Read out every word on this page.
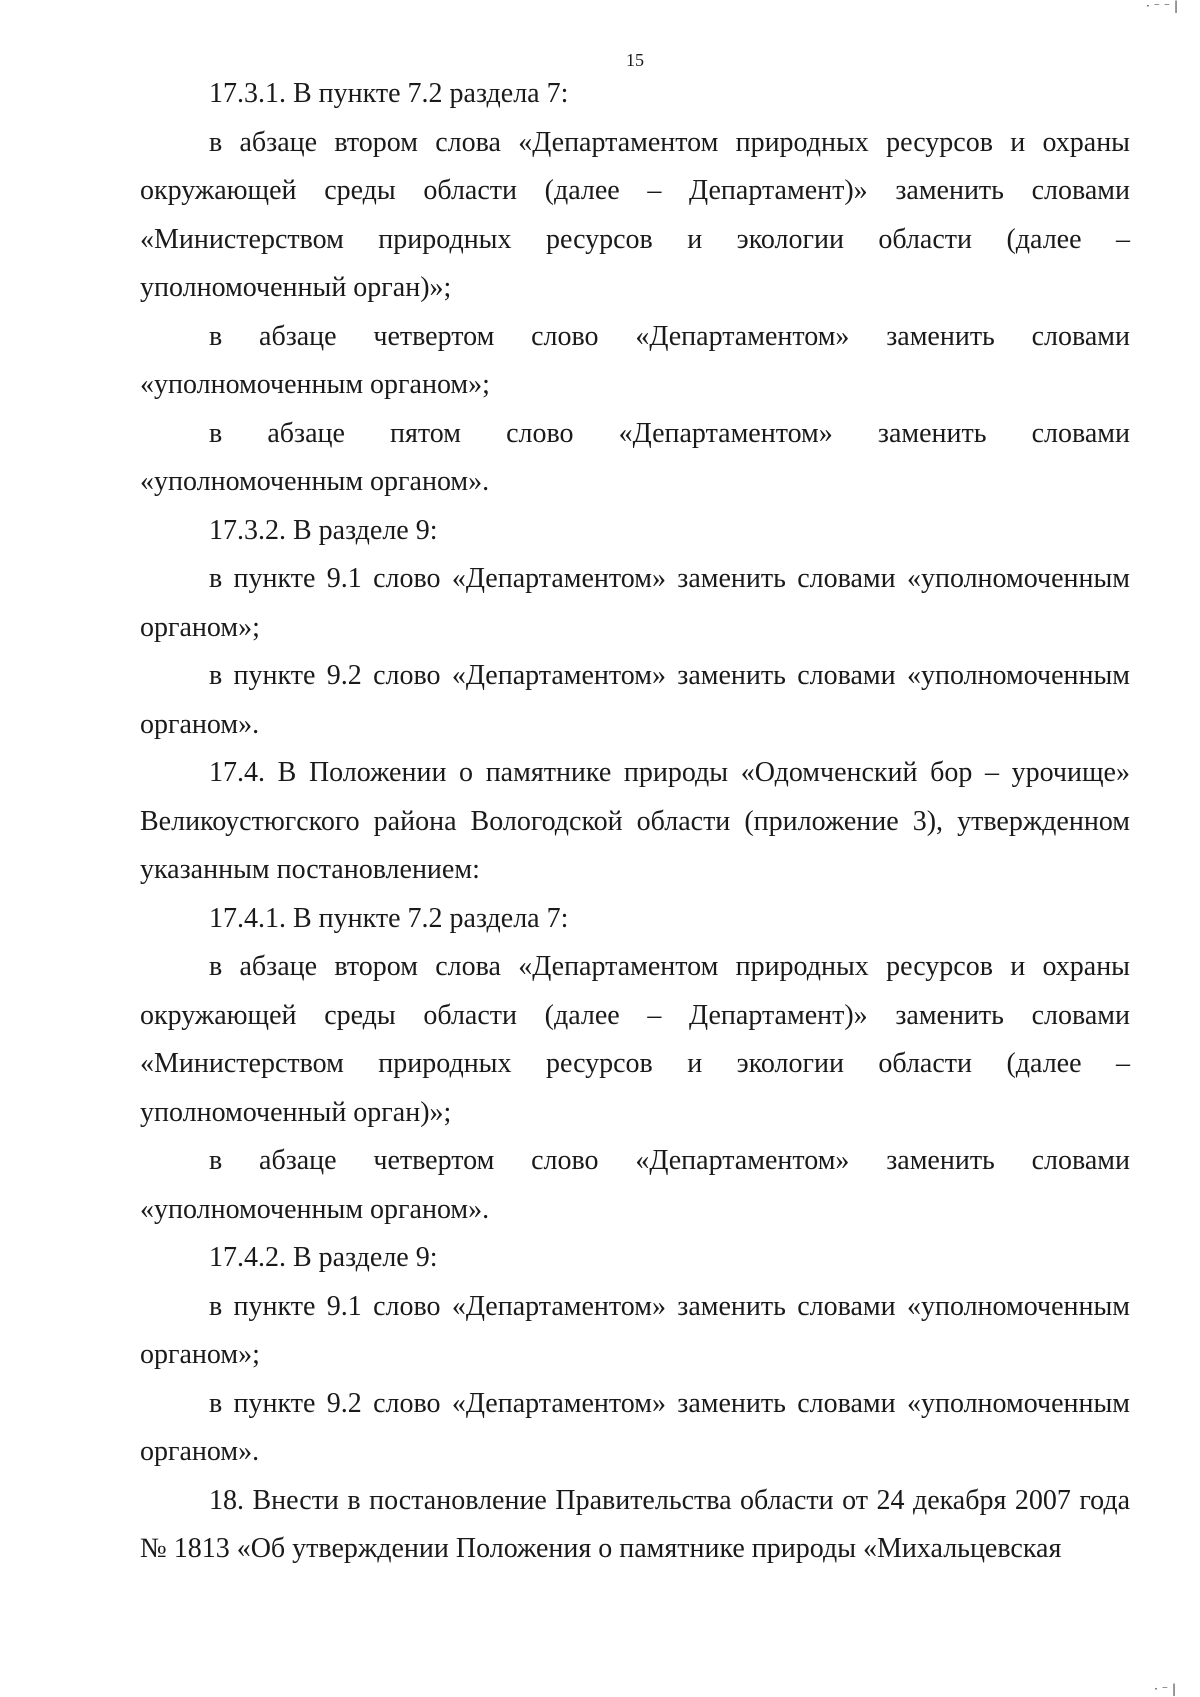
· ⁻ ⁻ |
15

17.3.1. В пункте 7.2 раздела 7:

в абзаце втором слова «Департаментом природных ресурсов и охраны окружающей среды области (далее – Департамент)» заменить словами «Министерством природных ресурсов и экологии области (далее – уполномоченный орган)»;

в абзаце четвертом слово «Департаментом» заменить словами «уполномоченным органом»;

в абзаце пятом слово «Департаментом» заменить словами «уполномоченным органом».

17.3.2. В разделе 9:

в пункте 9.1 слово «Департаментом» заменить словами «уполномоченным органом»;

в пункте 9.2 слово «Департаментом» заменить словами «уполномоченным органом».

17.4. В Положении о памятнике природы «Одомченский бор – урочище» Великоустюгского района Вологодской области (приложение 3), утвержденном указанным постановлением:

17.4.1. В пункте 7.2 раздела 7:

в абзаце втором слова «Департаментом природных ресурсов и охраны окружающей среды области (далее – Департамент)» заменить словами «Министерством природных ресурсов и экологии области (далее – уполномоченный орган)»;

в абзаце четвертом слово «Департаментом» заменить словами «уполномоченным органом».

17.4.2. В разделе 9:

в пункте 9.1 слово «Департаментом» заменить словами «уполномоченным органом»;

в пункте 9.2 слово «Департаментом» заменить словами «уполномоченным органом».

18. Внести в постановление Правительства области от 24 декабря 2007 года № 1813 «Об утверждении Положения о памятнике природы «Михальцевская

· ⁻ |
